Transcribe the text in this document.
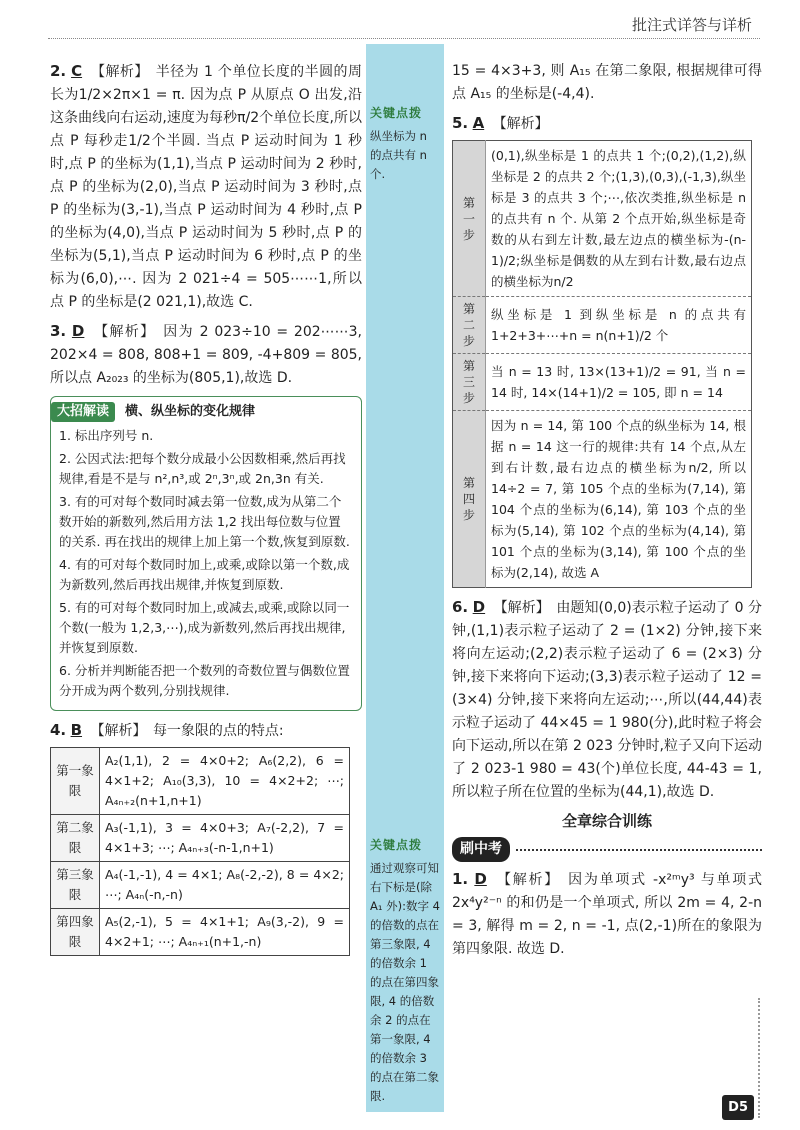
批注式详答与详析
关键点拨
纵坐标为 n 的点共有 n 个.
关键点拨
通过观察可知右下标是(除 A₁ 外):数字 4 的倍数的点在第三象限, 4 的倍数余 1 的点在第四象限, 4 的倍数余 2 的点在第一象限, 4 的倍数余 3 的点在第二象限.
2. C 【解析】 半径为 1 个单位长度的半圆的周长为1/2×2π×1 = π. 因为点 P 从原点 O 出发,沿这条曲线向右运动,速度为每秒π/2个单位长度,所以点 P 每秒走1/2个半圆. 当点 P 运动时间为 1 秒时,点 P 的坐标为(1,1),当点 P 运动时间为 2 秒时,点 P 的坐标为(2,0),当点 P 运动时间为 3 秒时,点 P 的坐标为(3,-1),当点 P 运动时间为 4 秒时,点 P 的坐标为(4,0),当点 P 运动时间为 5 秒时,点 P 的坐标为(5,1),当点 P 运动时间为 6 秒时,点 P 的坐标为(6,0),⋯. 因为 2 021÷4 = 505⋯⋯1,所以点 P 的坐标是(2 021,1),故选 C.
3. D 【解析】 因为 2 023÷10 = 202⋯⋯3, 202×4 = 808, 808+1 = 809, -4+809 = 805, 所以点 A₂₀₂₃ 的坐标为(805,1),故选 D.
大招解读 横、纵坐标的变化规律
1. 标出序列号 n.
2. 公因式法:把每个数分成最小公因数相乘,然后再找规律,看是不是与 n²,n³,或 2ⁿ,3ⁿ,或 2n,3n 有关.
3. 有的可对每个数同时减去第一位数,成为从第二个数开始的新数列,然后用方法 1,2 找出每位数与位置的关系. 再在找出的规律上加上第一个数,恢复到原数.
4. 有的可对每个数同时加上,或乘,或除以第一个数,成为新数列,然后再找出规律,并恢复到原数.
5. 有的可对每个数同时加上,或减去,或乘,或除以同一个数(一般为 1,2,3,⋯),成为新数列,然后再找出规律,并恢复到原数.
6. 分析并判断能否把一个数列的奇数位置与偶数位置分开成为两个数列,分别找规律.
4. B 【解析】 每一象限的点的特点:
第一象限	A₂(1,1), 2 = 4×0+2; A₆(2,2), 6 = 4×1+2; A₁₀(3,3), 10 = 4×2+2; ⋯; A₄ₙ₊₂(n+1,n+1)
第二象限	A₃(-1,1), 3 = 4×0+3; A₇(-2,2), 7 = 4×1+3; ⋯; A₄ₙ₊₃(-n-1,n+1)
第三象限	A₄(-1,-1), 4 = 4×1; A₈(-2,-2), 8 = 4×2; ⋯; A₄ₙ(-n,-n)
第四象限	A₅(2,-1), 5 = 4×1+1; A₉(3,-2), 9 = 4×2+1; ⋯; A₄ₙ₊₁(n+1,-n)
15 = 4×3+3, 则 A₁₅ 在第二象限, 根据规律可得点 A₁₅ 的坐标是(-4,4).
5. A 【解析】
第一步	(0,1),纵坐标是 1 的点共 1 个;(0,2),(1,2),纵坐标是 2 的点共 2 个;(1,3),(0,3),(-1,3),纵坐标是 3 的点共 3 个;⋯,依次类推,纵坐标是 n 的点共有 n 个. 从第 2 个点开始,纵坐标是奇数的从右到左计数,最左边点的横坐标为-(n-1)/2;纵坐标是偶数的从左到右计数,最右边点的横坐标为n/2
第二步	纵坐标是 1 到纵坐标是 n 的点共有 1+2+3+⋯+n = n(n+1)/2 个
第三步	当 n = 13 时, 13×(13+1)/2 = 91, 当 n = 14 时, 14×(14+1)/2 = 105, 即 n = 14
第四步	因为 n = 14, 第 100 个点的纵坐标为 14, 根据 n = 14 这一行的规律:共有 14 个点,从左到右计数,最右边点的横坐标为n/2, 所以 14÷2 = 7, 第 105 个点的坐标为(7,14), 第 104 个点的坐标为(6,14), 第 103 个点的坐标为(5,14), 第 102 个点的坐标为(4,14), 第 101 个点的坐标为(3,14), 第 100 个点的坐标为(2,14), 故选 A
6. D 【解析】 由题知(0,0)表示粒子运动了 0 分钟,(1,1)表示粒子运动了 2 = (1×2) 分钟,接下来将向左运动;(2,2)表示粒子运动了 6 = (2×3) 分钟,接下来将向下运动;(3,3)表示粒子运动了 12 = (3×4) 分钟,接下来将向左运动;⋯,所以(44,44)表示粒子运动了 44×45 = 1 980(分),此时粒子将会向下运动,所以在第 2 023 分钟时,粒子又向下运动了 2 023-1 980 = 43(个)单位长度, 44-43 = 1, 所以粒子所在位置的坐标为(44,1),故选 D.
全章综合训练
刷中考
1. D 【解析】 因为单项式 -x²ᵐy³ 与单项式 2x⁴y²⁻ⁿ 的和仍是一个单项式, 所以 2m = 4, 2-n = 3, 解得 m = 2, n = -1, 点(2,-1)所在的象限为第四象限. 故选 D.
D5
